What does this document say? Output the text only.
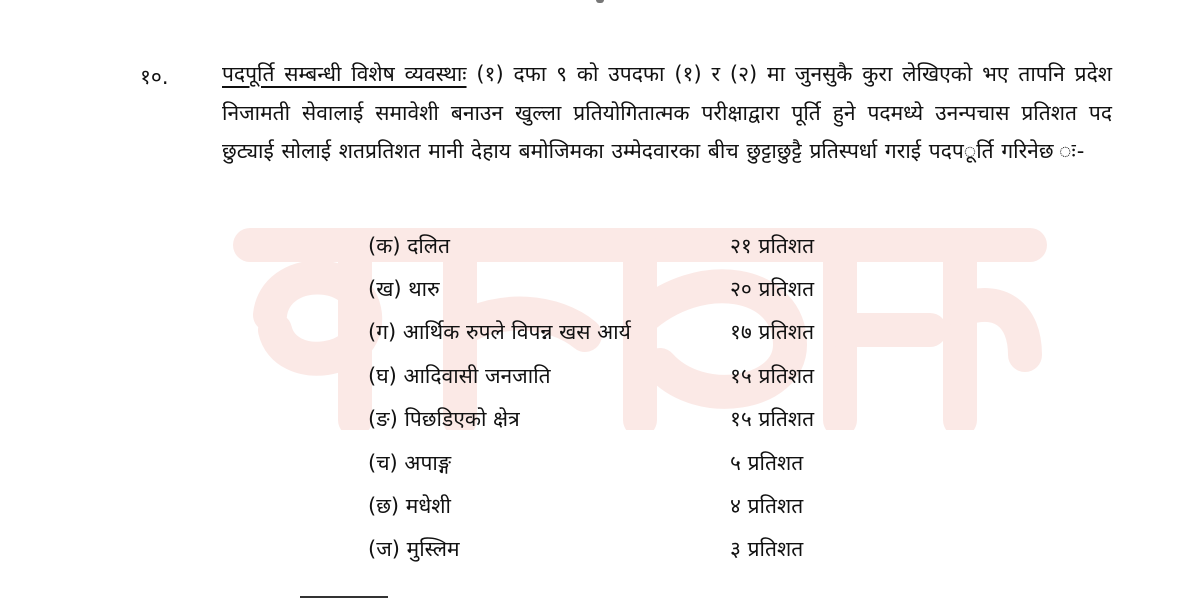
१०.	पदपूर्ति सम्बन्धी विशेष व्यवस्थाः (१) दफा ९ को उपदफा (१) र (२) मा जुनसुकै कुरा लेखिएको भए तापनि प्रदेश निजामती सेवालाई समावेशी बनाउन खुल्ला प्रतियोगितात्मक परीक्षाद्वारा पूर्ति हुने पदमध्ये उनन्पचास प्रतिशत पद छुट्याई सोलाई शतप्रतिशत मानी देहाय बमोजिमका उम्मेदवारका बीच छुट्टाछुट्टै प्रतिस्पर्धा गराई पदप◌ूर्ति गरिनेछ ः-
(क) दलित	२१ प्रतिशत
(ख) थारु	२० प्रतिशत
(ग) आर्थिक रुपले विपन्न खस आर्य	१७ प्रतिशत
(घ) आदिवासी जनजाति	१५ प्रतिशत
(ङ) पिछडिएको क्षेत्र	१५ प्रतिशत
(च) अपाङ्ग	५ प्रतिशत
(छ) मधेशी	४ प्रतिशत
(ज) मुस्लिम	३ प्रतिशत
